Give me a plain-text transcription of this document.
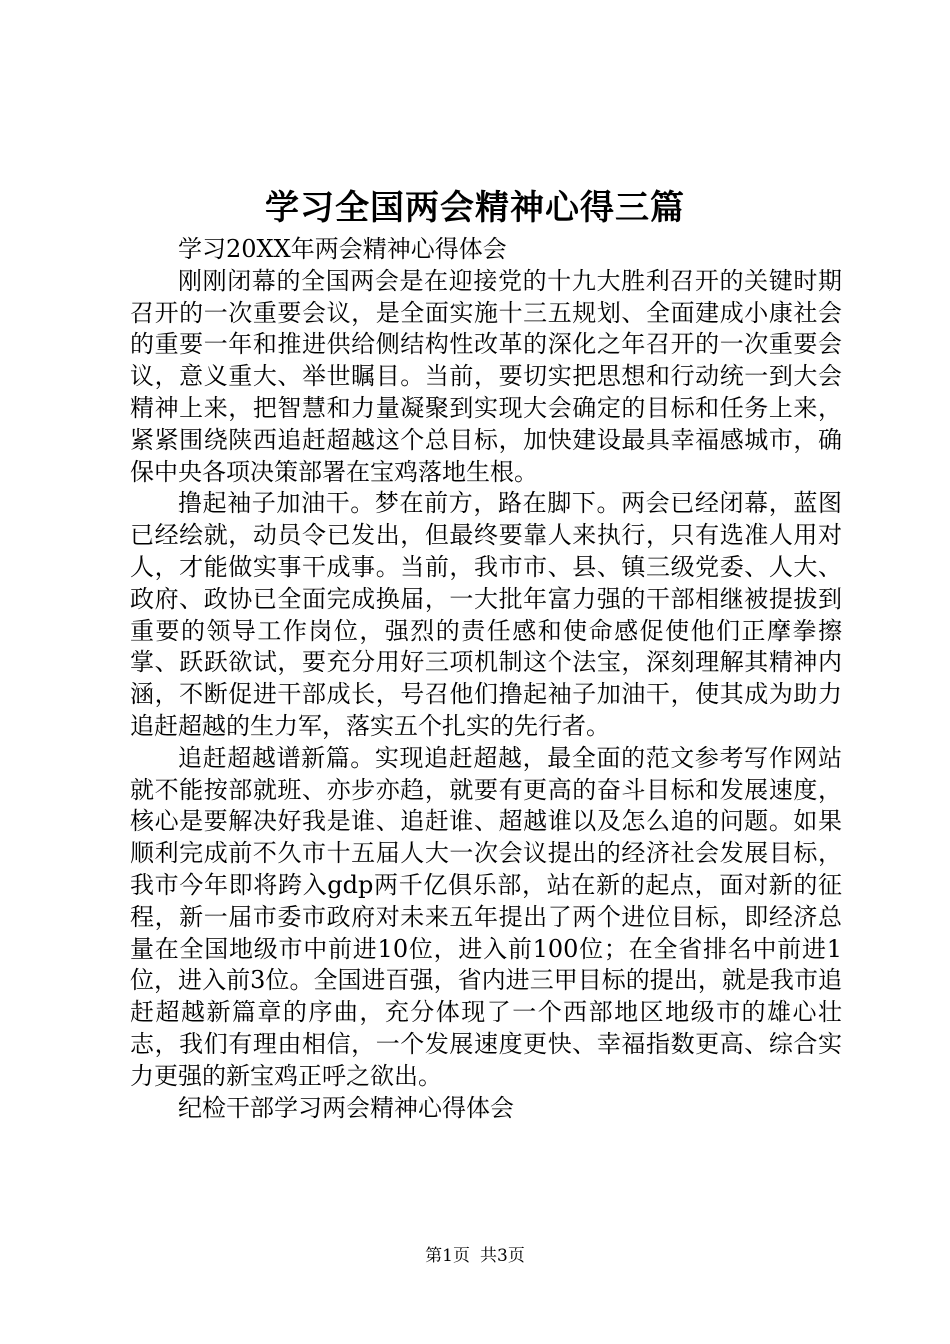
学习全国两会精神心得三篇

学习20XX年两会精神心得体会

刚刚闭幕的全国两会是在迎接党的十九大胜利召开的关键时期召开的一次重要会议，是全面实施十三五规划、全面建成小康社会的重要一年和推进供给侧结构性改革的深化之年召开的一次重要会议，意义重大、举世瞩目。当前，要切实把思想和行动统一到大会精神上来，把智慧和力量凝聚到实现大会确定的目标和任务上来，紧紧围绕陕西追赶超越这个总目标，加快建设最具幸福感城市，确保中央各项决策部署在宝鸡落地生根。

撸起袖子加油干。梦在前方，路在脚下。两会已经闭幕，蓝图已经绘就，动员令已发出，但最终要靠人来执行，只有选准人用对人，才能做实事干成事。当前，我市市、县、镇三级党委、人大、政府、政协已全面完成换届，一大批年富力强的干部相继被提拔到重要的领导工作岗位，强烈的责任感和使命感促使他们正摩拳擦掌、跃跃欲试，要充分用好三项机制这个法宝，深刻理解其精神内涵，不断促进干部成长，号召他们撸起袖子加油干，使其成为助力追赶超越的生力军，落实五个扎实的先行者。

追赶超越谱新篇。实现追赶超越，最全面的范文参考写作网站就不能按部就班、亦步亦趋，就要有更高的奋斗目标和发展速度，核心是要解决好我是谁、追赶谁、超越谁以及怎么追的问题。如果顺利完成前不久市十五届人大一次会议提出的经济社会发展目标，我市今年即将跨入gdp两千亿俱乐部，站在新的起点，面对新的征程，新一届市委市政府对未来五年提出了两个进位目标，即经济总量在全国地级市中前进10位，进入前100位；在全省排名中前进1位，进入前3位。全国进百强，省内进三甲目标的提出，就是我市追赶超越新篇章的序曲，充分体现了一个西部地区地级市的雄心壮志，我们有理由相信，一个发展速度更快、幸福指数更高、综合实力更强的新宝鸡正呼之欲出。

纪检干部学习两会精神心得体会

第1页 共3页
